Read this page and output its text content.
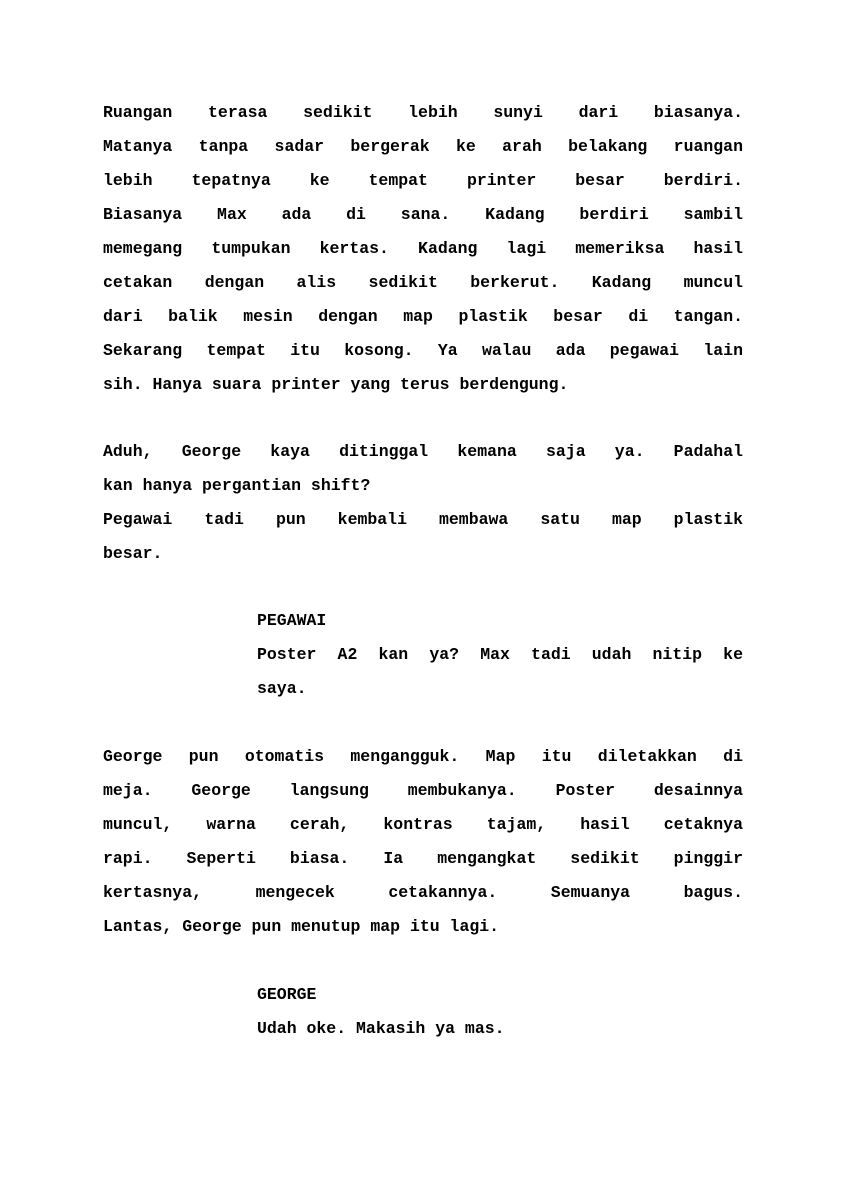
Ruangan terasa sedikit lebih sunyi dari biasanya.
Matanya tanpa sadar bergerak ke arah belakang ruangan
lebih tepatnya ke tempat printer besar berdiri.
Biasanya Max ada di sana. Kadang berdiri sambil
memegang tumpukan kertas. Kadang lagi memeriksa hasil
cetakan dengan alis sedikit berkerut. Kadang muncul
dari balik mesin dengan map plastik besar di tangan.
Sekarang tempat itu kosong. Ya walau ada pegawai lain
sih. Hanya suara printer yang terus berdengung.
Aduh, George kaya ditinggal kemana saja ya. Padahal
kan hanya pergantian shift?
Pegawai tadi pun kembali membawa satu map plastik
besar.
PEGAWAI
Poster A2 kan ya? Max tadi udah nitip ke
saya.
George pun otomatis mengangguk. Map itu diletakkan di
meja. George langsung membukanya. Poster desainnya
muncul, warna cerah, kontras tajam, hasil cetaknya
rapi. Seperti biasa. Ia mengangkat sedikit pinggir
kertasnya, mengecek cetakannya. Semuanya bagus.
Lantas, George pun menutup map itu lagi.
GEORGE
Udah oke. Makasih ya mas.
